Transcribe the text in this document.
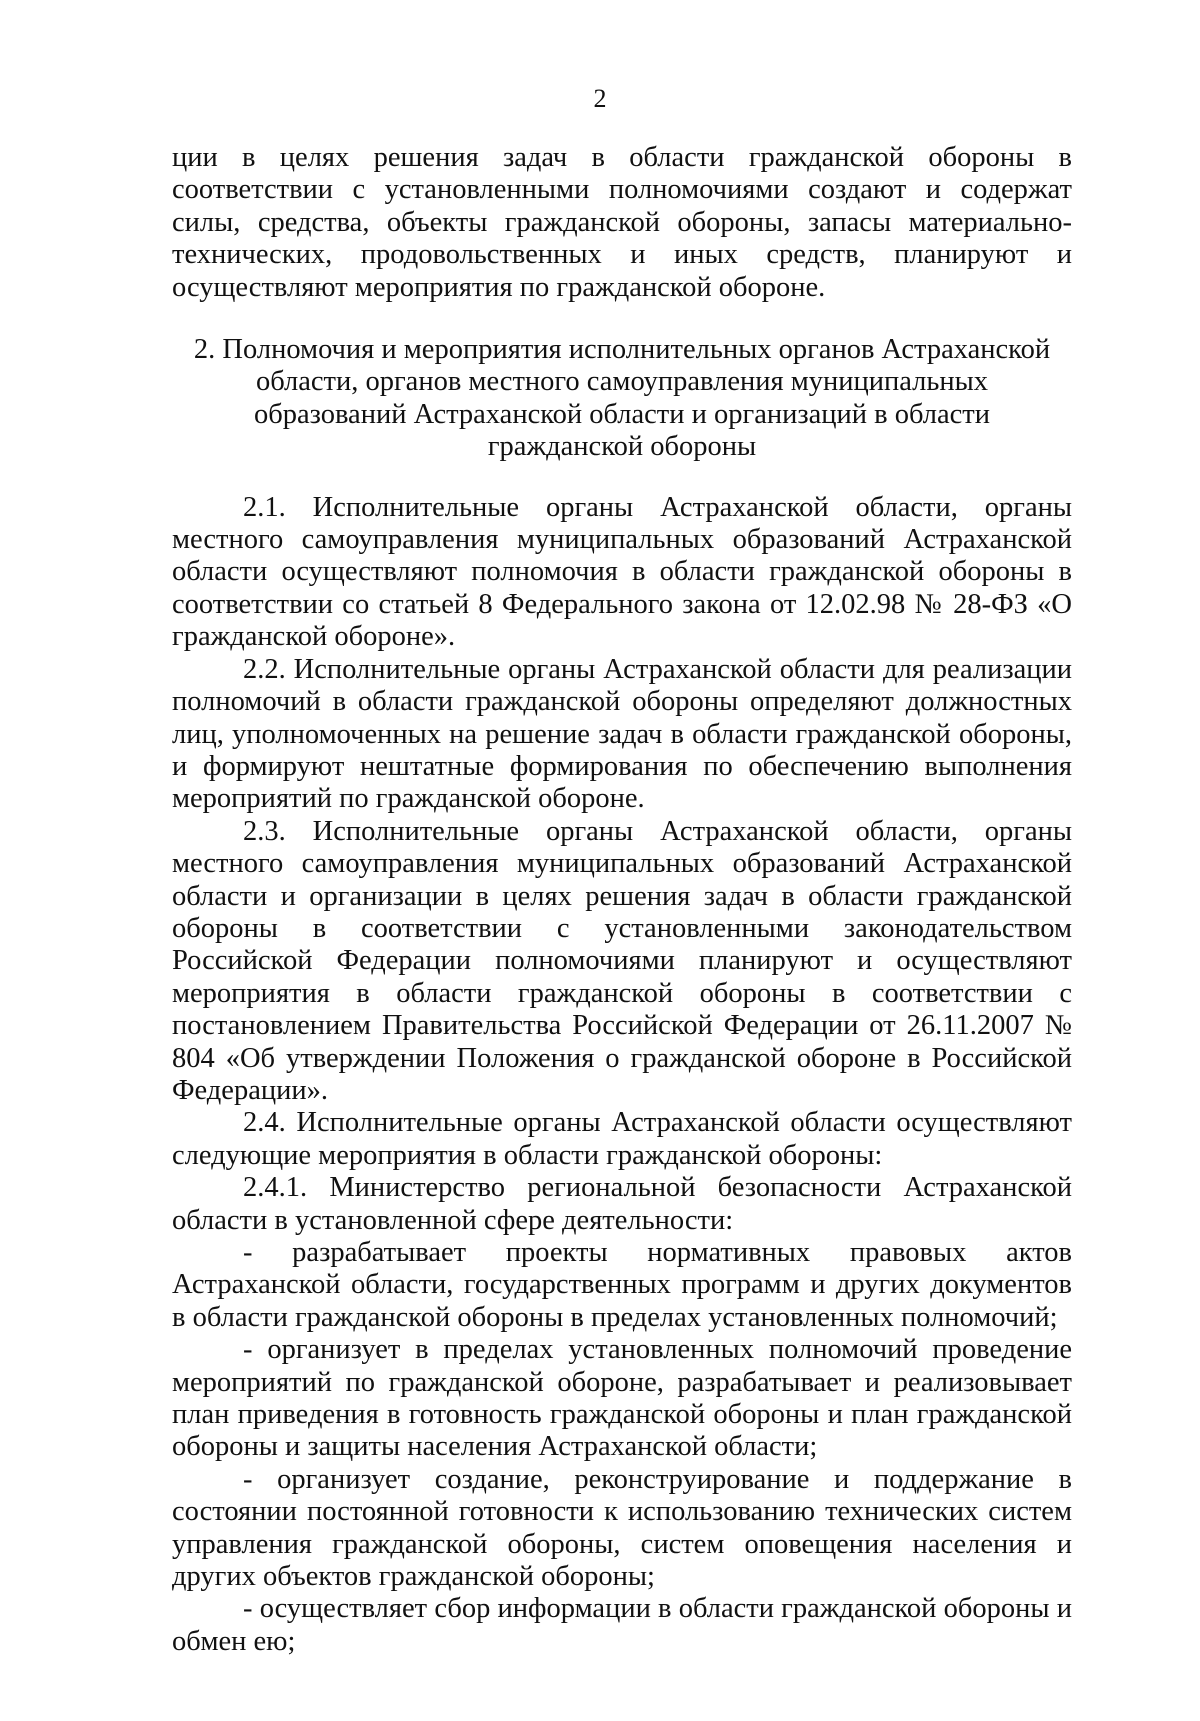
2

ции в целях решения задач в области гражданской обороны в соответствии с установленными полномочиями создают и содержат силы, средства, объекты гражданской обороны, запасы материально-технических, продовольственных и иных средств, планируют и осуществляют мероприятия по гражданской обороне.

2. Полномочия и мероприятия исполнительных органов Астраханской области, органов местного самоуправления муниципальных образований Астраханской области и организаций в области гражданской обороны

2.1. Исполнительные органы Астраханской области, органы местного самоуправления муниципальных образований Астраханской области осуществляют полномочия в области гражданской обороны в соответствии со статьей 8 Федерального закона от 12.02.98 № 28-ФЗ «О гражданской обороне».

2.2. Исполнительные органы Астраханской области для реализации полномочий в области гражданской обороны определяют должностных лиц, уполномоченных на решение задач в области гражданской обороны, и формируют нештатные формирования по обеспечению выполнения мероприятий по гражданской обороне.

2.3. Исполнительные органы Астраханской области, органы местного самоуправления муниципальных образований Астраханской области и организации в целях решения задач в области гражданской обороны в соответствии с установленными законодательством Российской Федерации полномочиями планируют и осуществляют мероприятия в области гражданской обороны в соответствии с постановлением Правительства Российской Федерации от 26.11.2007 № 804 «Об утверждении Положения о гражданской обороне в Российской Федерации».

2.4. Исполнительные органы Астраханской области осуществляют следующие мероприятия в области гражданской обороны:

2.4.1. Министерство региональной безопасности Астраханской области в установленной сфере деятельности:

- разрабатывает проекты нормативных правовых актов Астраханской области, государственных программ и других документов в области гражданской обороны в пределах установленных полномочий;

- организует в пределах установленных полномочий проведение мероприятий по гражданской обороне, разрабатывает и реализовывает план приведения в готовность гражданской обороны и план гражданской обороны и защиты населения Астраханской области;

- организует создание, реконструирование и поддержание в состоянии постоянной готовности к использованию технических систем управления гражданской обороны, систем оповещения населения и других объектов гражданской обороны;

- осуществляет сбор информации в области гражданской обороны и обмен ею;
